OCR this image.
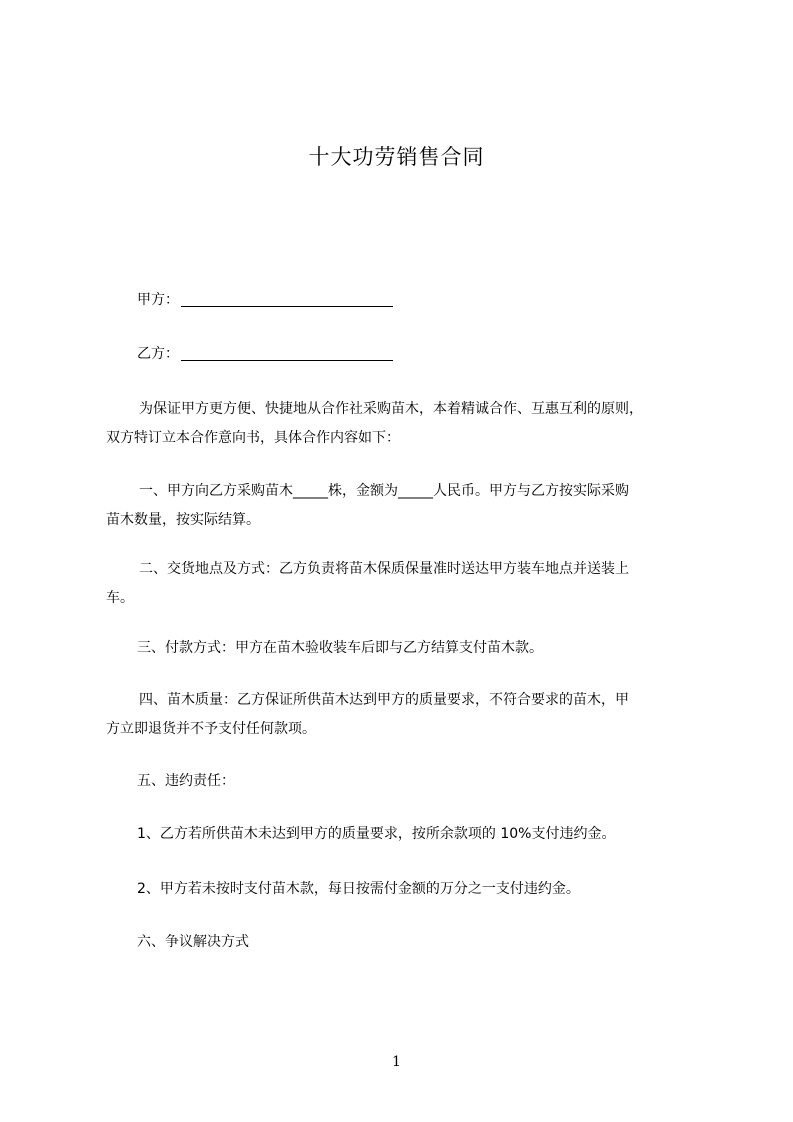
十大功劳销售合同
甲方：
乙方：
为保证甲方更方便、快捷地从合作社采购苗木，本着精诚合作、互惠互利的原则，
双方特订立本合作意向书，具体合作内容如下：
一、甲方向乙方采购苗木_____株，金额为_____人民币。甲方与乙方按实际采购
苗木数量，按实际结算。
二、交货地点及方式：乙方负责将苗木保质保量准时送达甲方装车地点并送装上
车。
三、付款方式：甲方在苗木验收装车后即与乙方结算支付苗木款。
四、苗木质量：乙方保证所供苗木达到甲方的质量要求，不符合要求的苗木，甲
方立即退货并不予支付任何款项。
五、违约责任：
1、乙方若所供苗木未达到甲方的质量要求，按所余款项的 10%支付违约金。
2、甲方若未按时支付苗木款，每日按需付金额的万分之一支付违约金。
六、争议解决方式
1
